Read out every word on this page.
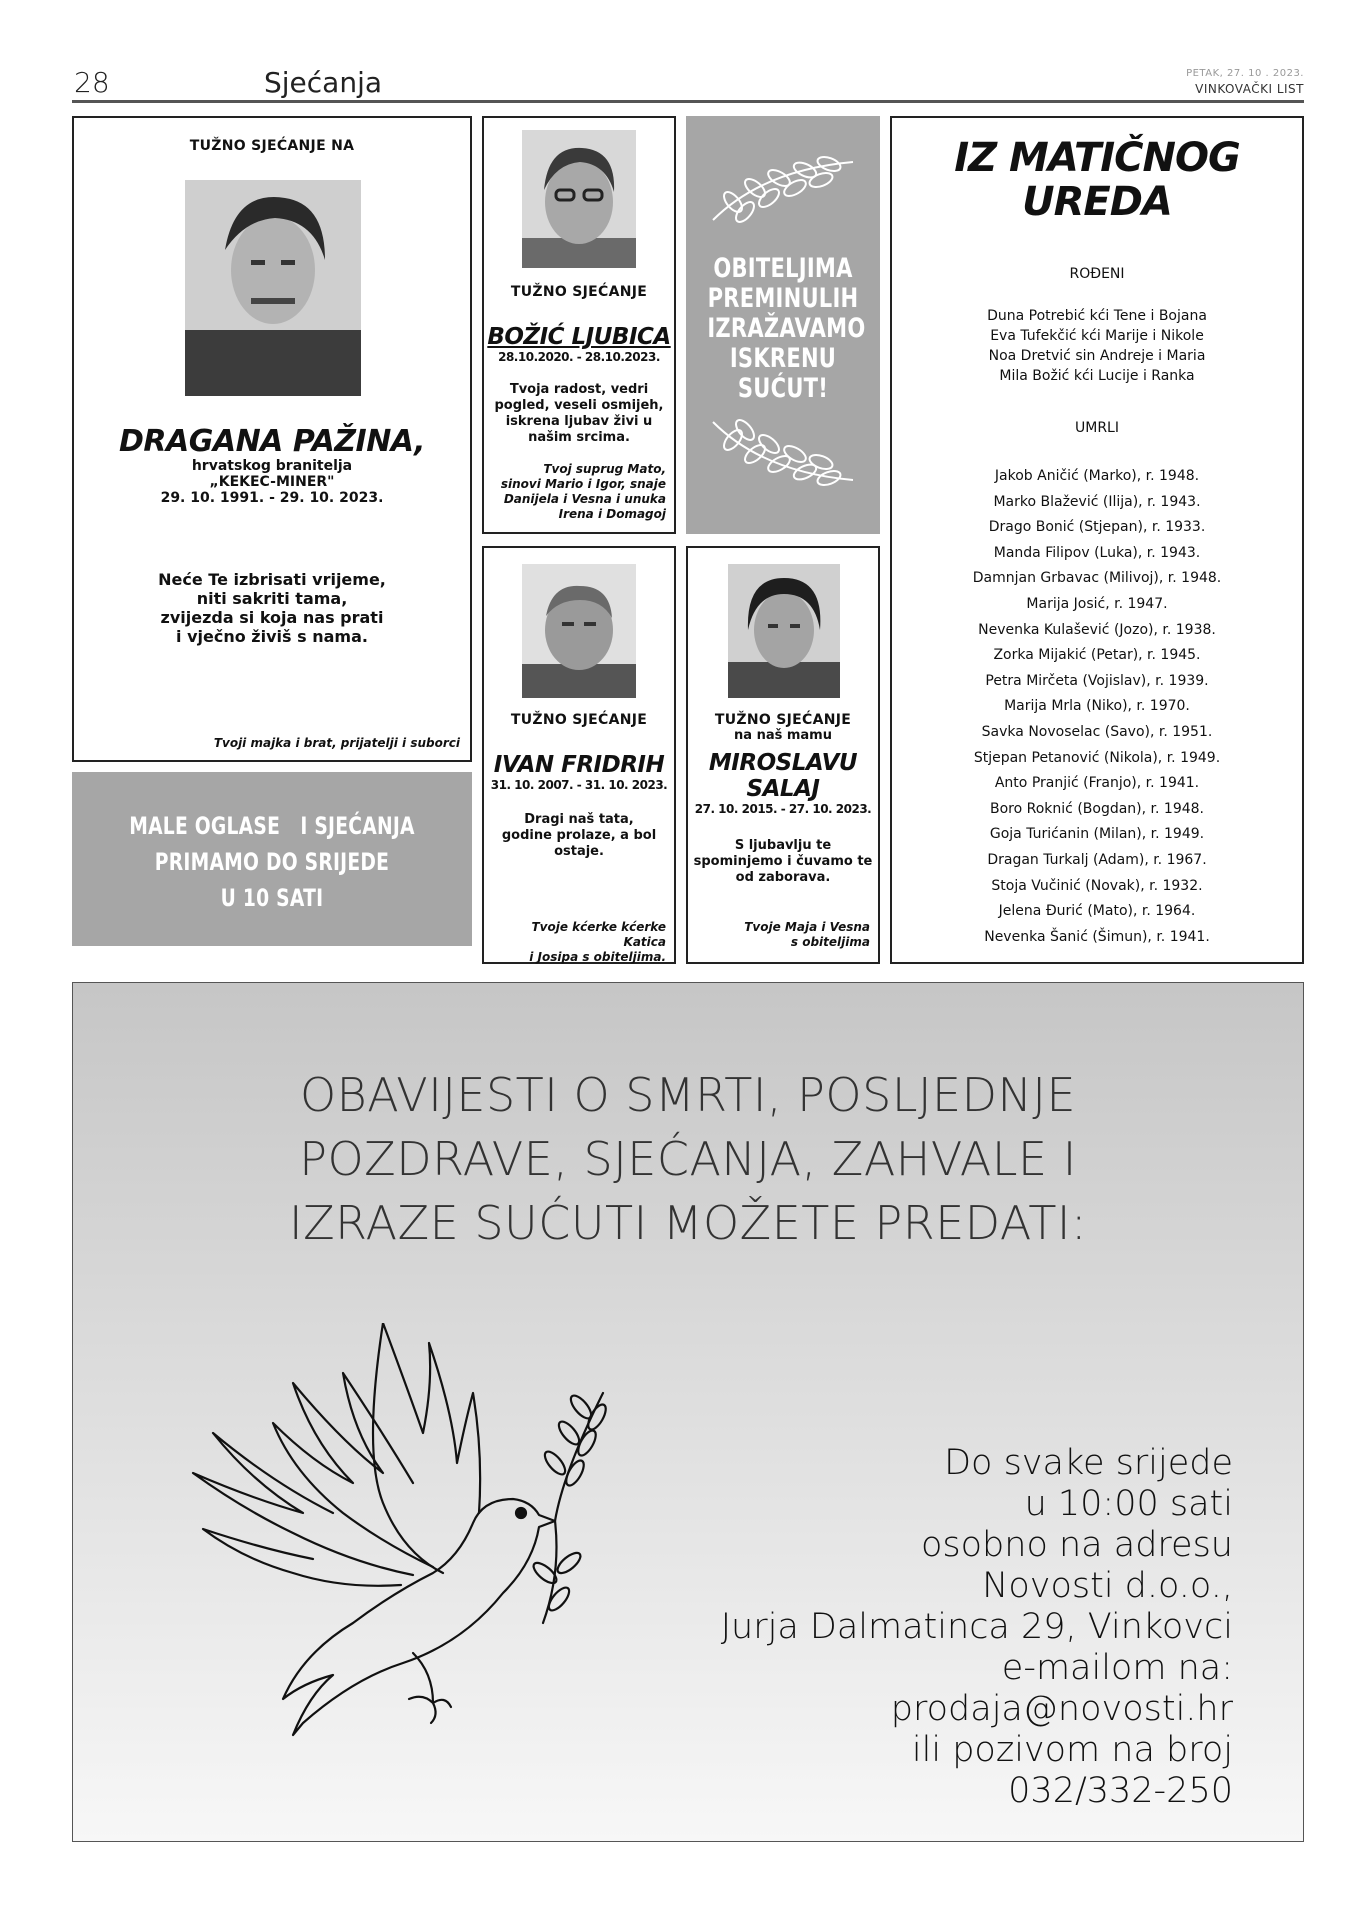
28	Sjećanja	PETAK, 27. 10 . 2023.
VINKOVAČKI LIST
TUŽNO SJEĆANJE NA
DRAGANA PAŽINA,
hrvatskog branitelja
„KEKEC-MINER"
29. 10. 1991. - 29. 10. 2023.
Neće Te izbrisati vrijeme,
niti sakriti tama,
zvijezda si koja nas prati
i vječno živiš s nama.
Tvoji majka i brat, prijatelji i suborci
MALE OGLASE   I SJEĆANJA
PRIMAMO DO SRIJEDE
U 10 SATI
TUŽNO SJEĆANJE
BOŽIĆ LJUBICA
28.10.2020. - 28.10.2023.
Tvoja radost, vedri
pogled, veseli osmijeh,
iskrena ljubav živi u
našim srcima.
Tvoj suprug Mato,
sinovi Mario i Igor, snaje
Danijela i Vesna i unuka
Irena i Domagoj
OBITELJIMA
PREMINULIH
IZRAŽAVAMO
ISKRENU
SUĆUT!
TUŽNO SJEĆANJE
IVAN FRIDRIH
31. 10. 2007. - 31. 10. 2023.
Dragi naš tata,
godine prolaze, a bol
ostaje.
Tvoje kćerke kćerke Katica
i Josipa s obiteljima.
TUŽNO SJEĆANJE
na naš mamu
MIROSLAVU
SALAJ
27. 10. 2015. - 27. 10. 2023.
S ljubavlju te
spominjemo i čuvamo te
od zaborava.
Tvoje Maja i Vesna
s obiteljima
IZ MATIČNOG
UREDA
ROĐENI
Duna Potrebić kći Tene i Bojana
Eva Tufekčić kći Marije i Nikole
Noa Dretvić sin Andreje i Maria
Mila Božić kći Lucije i Ranka
UMRLI
Jakob Aničić (Marko), r. 1948.
Marko Blažević (Ilija), r. 1943.
Drago Bonić (Stjepan), r. 1933.
Manda Filipov (Luka), r. 1943.
Damnjan Grbavac (Milivoj), r. 1948.
Marija Josić, r. 1947.
Nevenka Kulašević (Jozo), r. 1938.
Zorka Mijakić (Petar), r. 1945.
Petra Mirčeta (Vojislav), r. 1939.
Marija Mrla (Niko), r. 1970.
Savka Novoselac (Savo), r. 1951.
Stjepan Petanović (Nikola), r. 1949.
Anto Pranjić (Franjo), r. 1941.
Boro Roknić (Bogdan), r. 1948.
Goja Turićanin (Milan), r. 1949.
Dragan Turkalj (Adam), r. 1967.
Stoja Vučinić (Novak), r. 1932.
Jelena Đurić (Mato), r. 1964.
Nevenka Šanić (Šimun), r. 1941.
OBAVIJESTI O SMRTI, POSLJEDNJE
POZDRAVE, SJEĆANJA, ZAHVALE I
IZRAZE SUĆUTI MOŽETE PREDATI:
Do svake srijede
u 10:00 sati
osobno na adresu
Novosti d.o.o.,
Jurja Dalmatinca 29, Vinkovci
e-mailom na:
prodaja@novosti.hr
ili pozivom na broj
032/332-250
